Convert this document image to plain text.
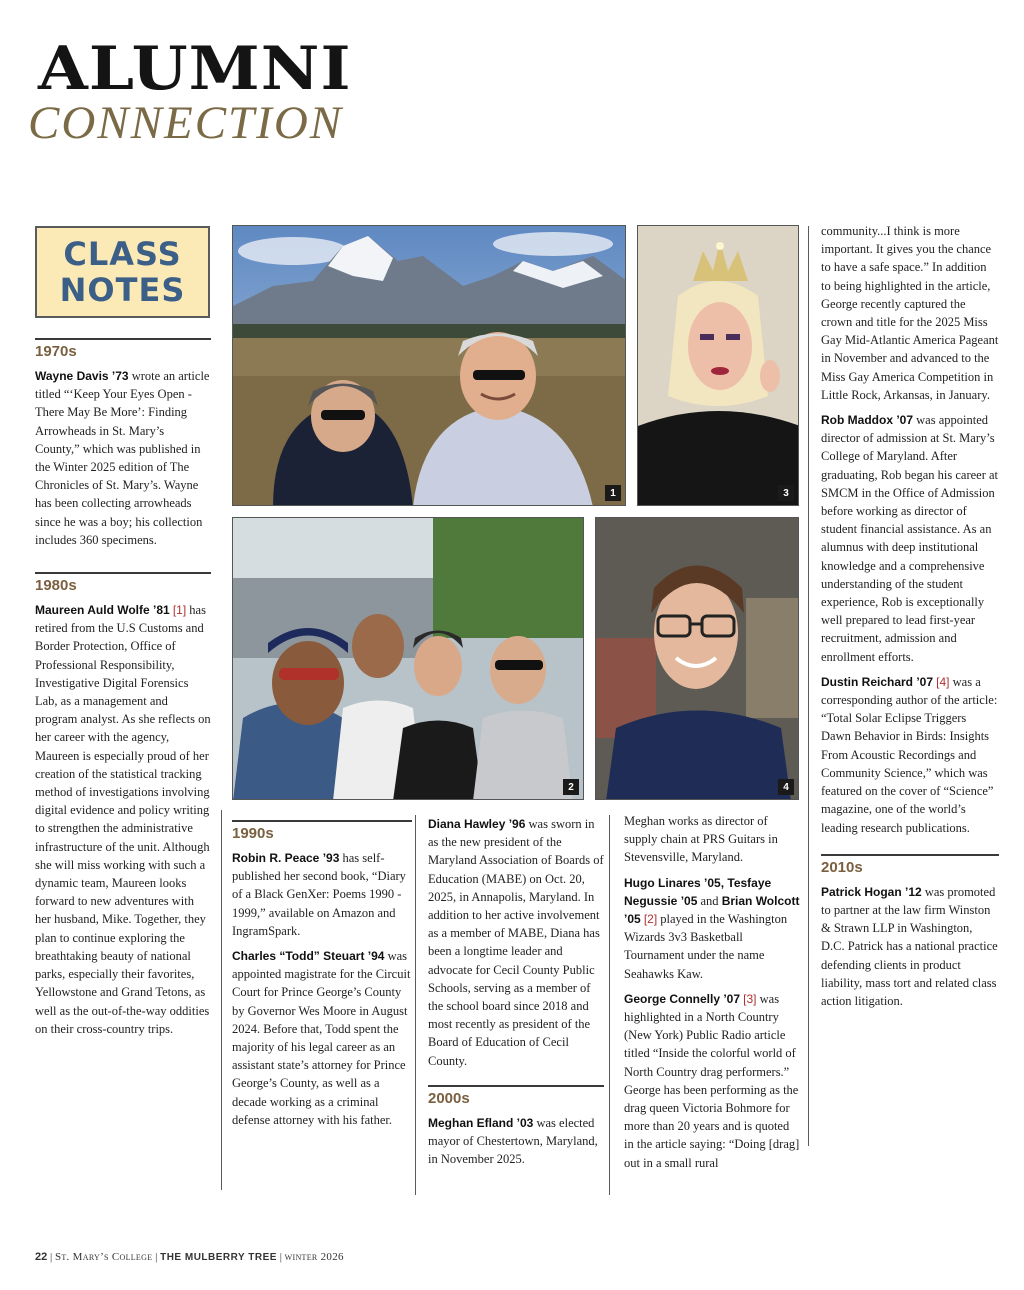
ALUMNI
CONNECTION
CLASS
NOTES
1970s

Wayne Davis ’73 wrote an article titled “‘Keep Your Eyes Open - There May Be More’: Finding Arrowheads in St. Mary’s County,” which was published in the Winter 2025 edition of The Chronicles of St. Mary’s. Wayne has been collecting arrowheads since he was a boy; his collection includes 360 specimens.

1980s

Maureen Auld Wolfe ’81 [1] has retired from the U.S Customs and Border Protection, Office of Professional Responsibility, Investigative Digital Forensics Lab, as a management and program analyst. As she reflects on her career with the agency, Maureen is especially proud of her creation of the statistical tracking method of investigations involving digital evidence and policy writing to strengthen the administrative infrastructure of the unit. Although she will miss working with such a dynamic team, Maureen looks forward to new adventures with her husband, Mike. Together, they plan to continue exploring the breathtaking beauty of national parks, especially their favorites, Yellowstone and Grand Tetons, as well as the out-of-the-way oddities on their cross-country trips.

1	3
2	4
1990s

Robin R. Peace ’93 has self-published her second book, “Diary of a Black GenXer: Poems 1990 - 1999,” available on Amazon and IngramSpark.

Charles “Todd” Steuart ’94 was appointed magistrate for the Circuit Court for Prince George’s County by Governor Wes Moore in August 2024. Before that, Todd spent the majority of his legal career as an assistant state’s attorney for Prince George’s County, as well as a decade working as a criminal defense attorney with his father.

Diana Hawley ’96 was sworn in as the new president of the Maryland Association of Boards of Education (MABE) on Oct. 20, 2025, in Annapolis, Maryland. In addition to her active involvement as a member of MABE, Diana has been a longtime leader and advocate for Cecil County Public Schools, serving as a member of the school board since 2018 and most recently as president of the Board of Education of Cecil County.

2000s

Meghan Efland ’03 was elected mayor of Chestertown, Maryland, in November 2025.

Meghan works as director of supply chain at PRS Guitars in Stevensville, Maryland.

Hugo Linares ’05, Tesfaye Negussie ’05 and Brian Wolcott ’05 [2] played in the Washington Wizards 3v3 Basketball Tournament under the name Seahawks Kaw.

George Connelly ’07 [3] was highlighted in a North Country (New York) Public Radio article titled “Inside the colorful world of North Country drag performers.” George has been performing as the drag queen Victoria Bohmore for more than 20 years and is quoted in the article saying: “Doing [drag] out in a small rural

community...I think is more important. It gives you the chance to have a safe space.” In addition to being highlighted in the article, George recently captured the crown and title for the 2025 Miss Gay Mid-Atlantic America Pageant in November and advanced to the Miss Gay America Competition in Little Rock, Arkansas, in January.

Rob Maddox ’07 was appointed director of admission at St. Mary’s College of Maryland. After graduating, Rob began his career at SMCM in the Office of Admission before working as director of student financial assistance. As an alumnus with deep institutional knowledge and a comprehensive understanding of the student experience, Rob is exceptionally well prepared to lead first-year recruitment, admission and enrollment efforts.

Dustin Reichard ’07 [4] was a corresponding author of the article: “Total Solar Eclipse Triggers Dawn Behavior in Birds: Insights From Acoustic Recordings and Community Science,” which was featured on the cover of “Science” magazine, one of the world’s leading research publications.

2010s

Patrick Hogan ’12 was promoted to partner at the law firm Winston & Strawn LLP in Washington, D.C. Patrick has a national practice defending clients in product liability, mass tort and related class action litigation.

22 | St. Mary’s College | THE MULBERRY TREE | winter 2026
